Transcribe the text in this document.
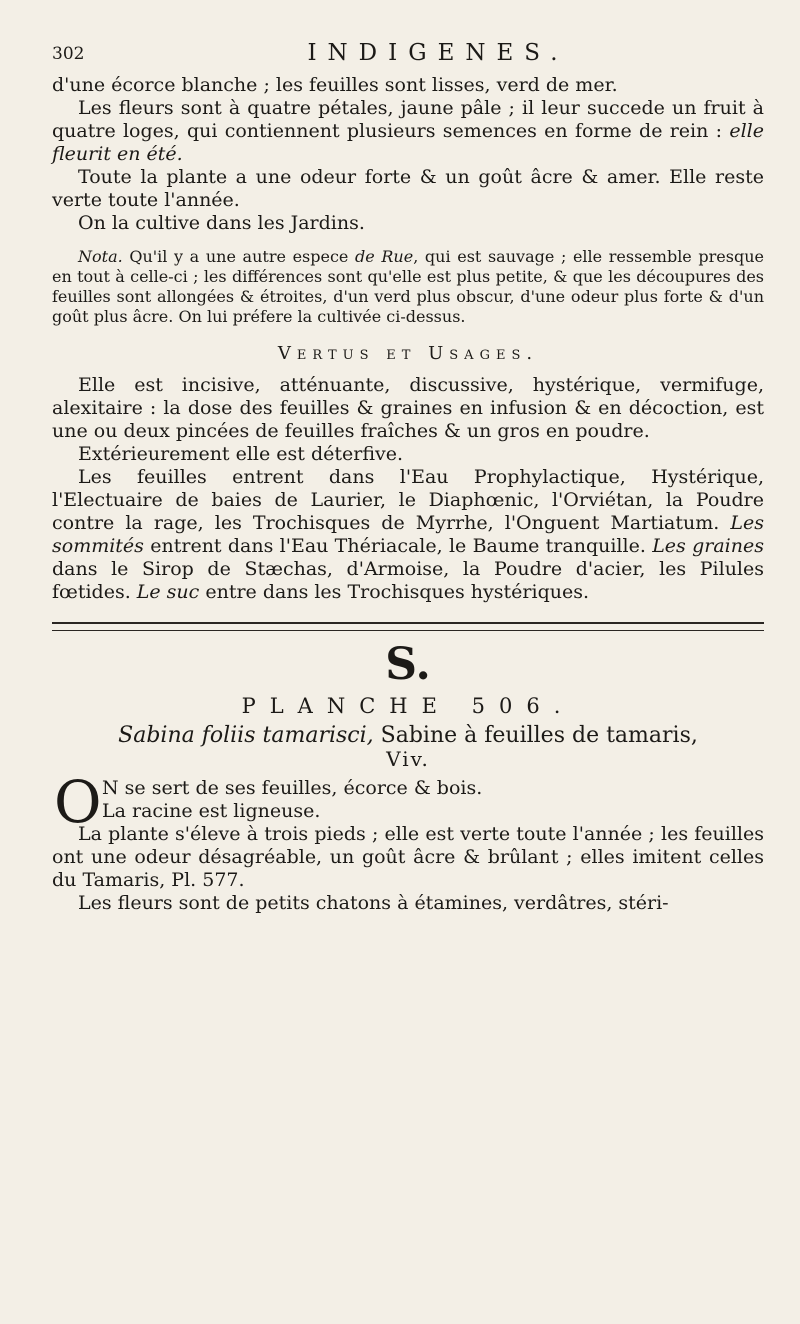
302	INDIGENES.

d'une écorce blanche ; les feuilles sont lisses, verd de mer.

Les fleurs sont à quatre pétales, jaune pâle ; il leur succede un fruit à quatre loges, qui contiennent plusieurs semences en forme de rein : elle fleurit en été.

Toute la plante a une odeur forte & un goût âcre & amer. Elle reste verte toute l'année.

On la cultive dans les Jardins.

Nota. Qu'il y a une autre espece de Rue, qui est sauvage ; elle ressemble presque en tout à celle-ci ; les différences sont qu'elle est plus petite, & que les découpures des feuilles sont allongées & étroites, d'un verd plus obscur, d'une odeur plus forte & d'un goût plus âcre. On lui préfere la cultivée ci-dessus.

Vertus et Usages.

Elle est incisive, atténuante, discussive, hystérique, vermifuge, alexitaire : la dose des feuilles & graines en infusion & en décoction, est une ou deux pincées de feuilles fraîches & un gros en poudre.

Extérieurement elle est déterfive.

Les feuilles entrent dans l'Eau Prophylactique, Hystérique, l'Electuaire de baies de Laurier, le Diaphœnic, l'Orviétan, la Poudre contre la rage, les Trochisques de Myrrhe, l'Onguent Martiatum. Les sommités entrent dans l'Eau Thériacale, le Baume tranquille. Les graines dans le Sirop de Stæchas, d'Armoise, la Poudre d'acier, les Pilules fœtides. Le suc entre dans les Trochisques hystériques.

S.
PLANCHE 506.

Sabina foliis tamarisci, Sabine à feuilles de tamaris,

Viv.
O N se sert de ses feuilles, écorce & bois.
La racine est ligneuse.

La plante s'éleve à trois pieds ; elle est verte toute l'année ; les feuilles ont une odeur désagréable, un goût âcre & brûlant ; elles imitent celles du Tamaris, Pl. 577.

Les fleurs sont de petits chatons à étamines, verdâtres, stéri-
